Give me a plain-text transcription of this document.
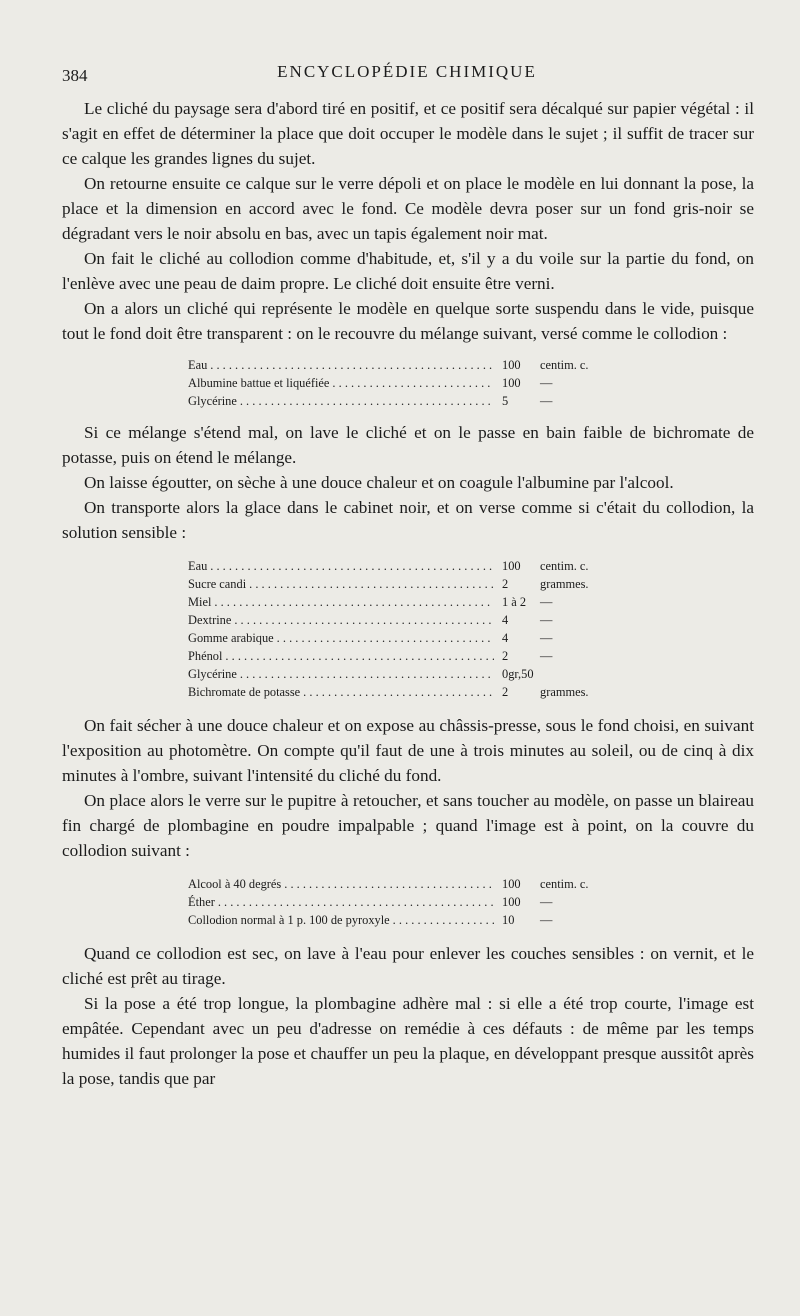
384	ENCYCLOPÉDIE CHIMIQUE

Le cliché du paysage sera d'abord tiré en positif, et ce positif sera décalqué sur papier végétal : il s'agit en effet de déterminer la place que doit occuper le modèle dans le sujet ; il suffit de tracer sur ce calque les grandes lignes du sujet.

On retourne ensuite ce calque sur le verre dépoli et on place le modèle en lui donnant la pose, la place et la dimension en accord avec le fond. Ce modèle devra poser sur un fond gris-noir se dégradant vers le noir absolu en bas, avec un tapis également noir mat.

On fait le cliché au collodion comme d'habitude, et, s'il y a du voile sur la partie du fond, on l'enlève avec une peau de daim propre. Le cliché doit ensuite être verni.

On a alors un cliché qui représente le modèle en quelque sorte suspendu dans le vide, puisque tout le fond doit être transparent : on le recouvre du mélange suivant, versé comme le collodion :

Eau	100	centim. c.
Albumine battue et liquéfiée	100	—
Glycérine	5	—

Si ce mélange s'étend mal, on lave le cliché et on le passe en bain faible de bichromate de potasse, puis on étend le mélange.

On laisse égoutter, on sèche à une douce chaleur et on coagule l'albumine par l'alcool.

On transporte alors la glace dans le cabinet noir, et on verse comme si c'était du collodion, la solution sensible :

Eau	100	centim. c.
Sucre candi	2	grammes.
Miel	1 à 2	—
Dextrine	4	—
Gomme arabique	4	—
Phénol	2	—
Glycérine	0gr,50	
Bichromate de potasse	2	grammes.

On fait sécher à une douce chaleur et on expose au châssis-presse, sous le fond choisi, en suivant l'exposition au photomètre. On compte qu'il faut de une à trois minutes au soleil, ou de cinq à dix minutes à l'ombre, suivant l'intensité du cliché du fond.

On place alors le verre sur le pupitre à retoucher, et sans toucher au modèle, on passe un blaireau fin chargé de plombagine en poudre impalpable ; quand l'image est à point, on la couvre du collodion suivant :

Alcool à 40 degrés	100	centim. c.
Éther	100	—
Collodion normal à 1 p. 100 de pyroxyle	10	—

Quand ce collodion est sec, on lave à l'eau pour enlever les couches sensibles : on vernit, et le cliché est prêt au tirage.

Si la pose a été trop longue, la plombagine adhère mal : si elle a été trop courte, l'image est empâtée. Cependant avec un peu d'adresse on remédie à ces défauts : de même par les temps humides il faut prolonger la pose et chauffer un peu la plaque, en développant presque aussitôt après la pose, tandis que par
